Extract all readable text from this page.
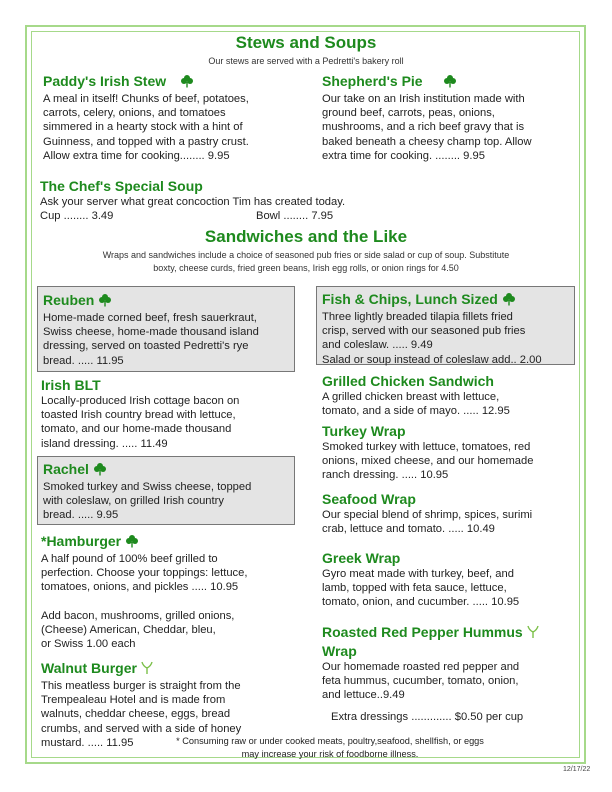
Stews and Soups
Our stews are served with a Pedretti's bakery roll
Paddy's Irish Stew
A meal in itself! Chunks of beef, potatoes,
carrots, celery, onions, and tomatoes
simmered in a hearty stock with a hint of
Guinness, and topped with a pastry crust.
Allow extra time for cooking........ 9.95
Shepherd's Pie
Our take on an Irish institution made with
ground beef, carrots, peas, onions,
mushrooms, and a rich beef gravy that is
baked beneath a cheesy champ top. Allow
extra time for cooking. ........ 9.95
The Chef's Special Soup
Ask your server what great concoction Tim has created today.
Cup ........ 3.49	Bowl ........ 7.95
Sandwiches and the Like
Wraps and sandwiches include a choice of seasoned pub fries or side salad or cup of soup. Substitute
boxty, cheese curds, fried green beans, Irish egg rolls, or onion rings for 4.50
Reuben
Home-made corned beef, fresh sauerkraut,
Swiss cheese, home-made thousand island
dressing, served on toasted Pedretti's rye
bread. ..... 11.95
Fish & Chips, Lunch Sized
Three lightly breaded tilapia fillets fried
crisp, served with our seasoned pub fries
and coleslaw. ..... 9.49
Salad or soup instead of coleslaw add.. 2.00
Irish BLT
Locally-produced Irish cottage bacon on
toasted Irish country bread with lettuce,
tomato, and our home-made thousand
island dressing. ..... 11.49
Grilled Chicken Sandwich
A grilled chicken breast with lettuce,
tomato, and a side of mayo. ..... 12.95
Turkey Wrap
Smoked turkey with lettuce, tomatoes, red
onions, mixed cheese, and our homemade
ranch dressing. ..... 10.95
Rachel
Smoked turkey and Swiss cheese, topped
with coleslaw, on grilled Irish country
bread. ..... 9.95
Seafood Wrap
Our special blend of shrimp, spices, surimi
crab, lettuce and tomato. ..... 10.49
*Hamburger
A half pound of 100% beef grilled to
perfection. Choose your toppings: lettuce,
tomatoes, onions, and pickles ..... 10.95
Add bacon, mushrooms, grilled onions,
(Cheese) American, Cheddar, bleu,
or Swiss 1.00 each
Greek Wrap
Gyro meat made with turkey, beef, and
lamb, topped with feta sauce, lettuce,
tomato, onion, and cucumber. ..... 10.95
Roasted Red Pepper Hummus
Wrap
Our homemade roasted red pepper and
feta hummus, cucumber, tomato, onion,
and lettuce..9.49
Walnut Burger
This meatless burger is straight from the
Trempealeau Hotel and is made from
walnuts, cheddar cheese, eggs, bread
crumbs, and served with a side of honey
mustard. ..... 11.95
Extra dressings ............. $0.50 per cup
* Consuming raw or under cooked meats, poultry,seafood, shellfish, or eggs
may increase your risk of foodborne illness.
12/17/22
